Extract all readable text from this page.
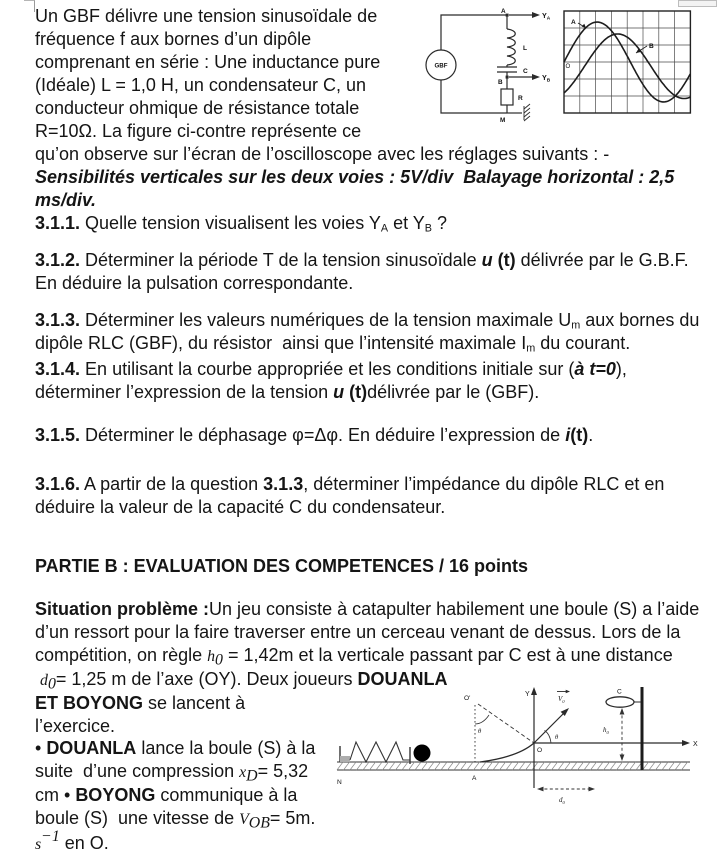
GBF
A
B
M
L
C
R
$Y_A$
$Y_B$
A
B
O

Un GBF délivre une tension sinusoïdale de fréquence f aux bornes d’un dipôle comprenant en série : Une inductance pure (Idéale) L = 1,0 H, un condensateur C, un conducteur ohmique de résistance totale R=10Ω. La figure ci-contre représente ce qu’on observe sur l’écran de l’oscilloscope avec les réglages suivants : - Sensibilités verticales sur les deux voies : 5V/div  Balayage horizontal : 2,5 ms/div.

3.1.1. Quelle tension visualisent les voies $Y_A$ et $Y_B$ ?

3.1.2. Déterminer la période T de la tension sinusoïdale u (t) délivrée par le G.B.F. En déduire la pulsation correspondante.

3.1.3. Déterminer les valeurs numériques de la tension maximale $U_m$ aux bornes du dipôle RLC (GBF), du résistor  ainsi que l’intensité maximale $I_m$ du courant.

3.1.4. En utilisant la courbe appropriée et les conditions initiale sur (à t=0), déterminer l’expression de la tension u (t)délivrée par le (GBF).

3.1.5. Déterminer le déphasage φ=Δφ. En déduire l’expression de i(t).

3.1.6. A partir de la question 3.1.3, déterminer l’impédance du dipôle RLC et en déduire la valeur de la capacité C du condensateur.

PARTIE B : EVALUATION DES COMPETENCES / 16 points

Situation problème :Un jeu consiste à catapulter habilement une boule (S) a l’aide d’un ressort pour la faire traverser entre un cerceau venant de dessus. Lors de la compétition, on règle $h_0 = 1,42m$ et la verticale passant par C est à une distance  $d_0= 1,25$ m de l’axe (OY). Deux joueurs DOUANLA

Y
X
O
O'
A
N
C
θ
θ
$V_0$
$h_0$
$d_0$

ET BOYONG se lancent à l’exercice.
• DOUANLA lance la boule (S) à la suite  d’une compression $x_D= 5,32$ cm • BOYONG communique à la boule (S)  une vitesse de $V_{OB}= 5m$. $s^{-1}$ en O.
